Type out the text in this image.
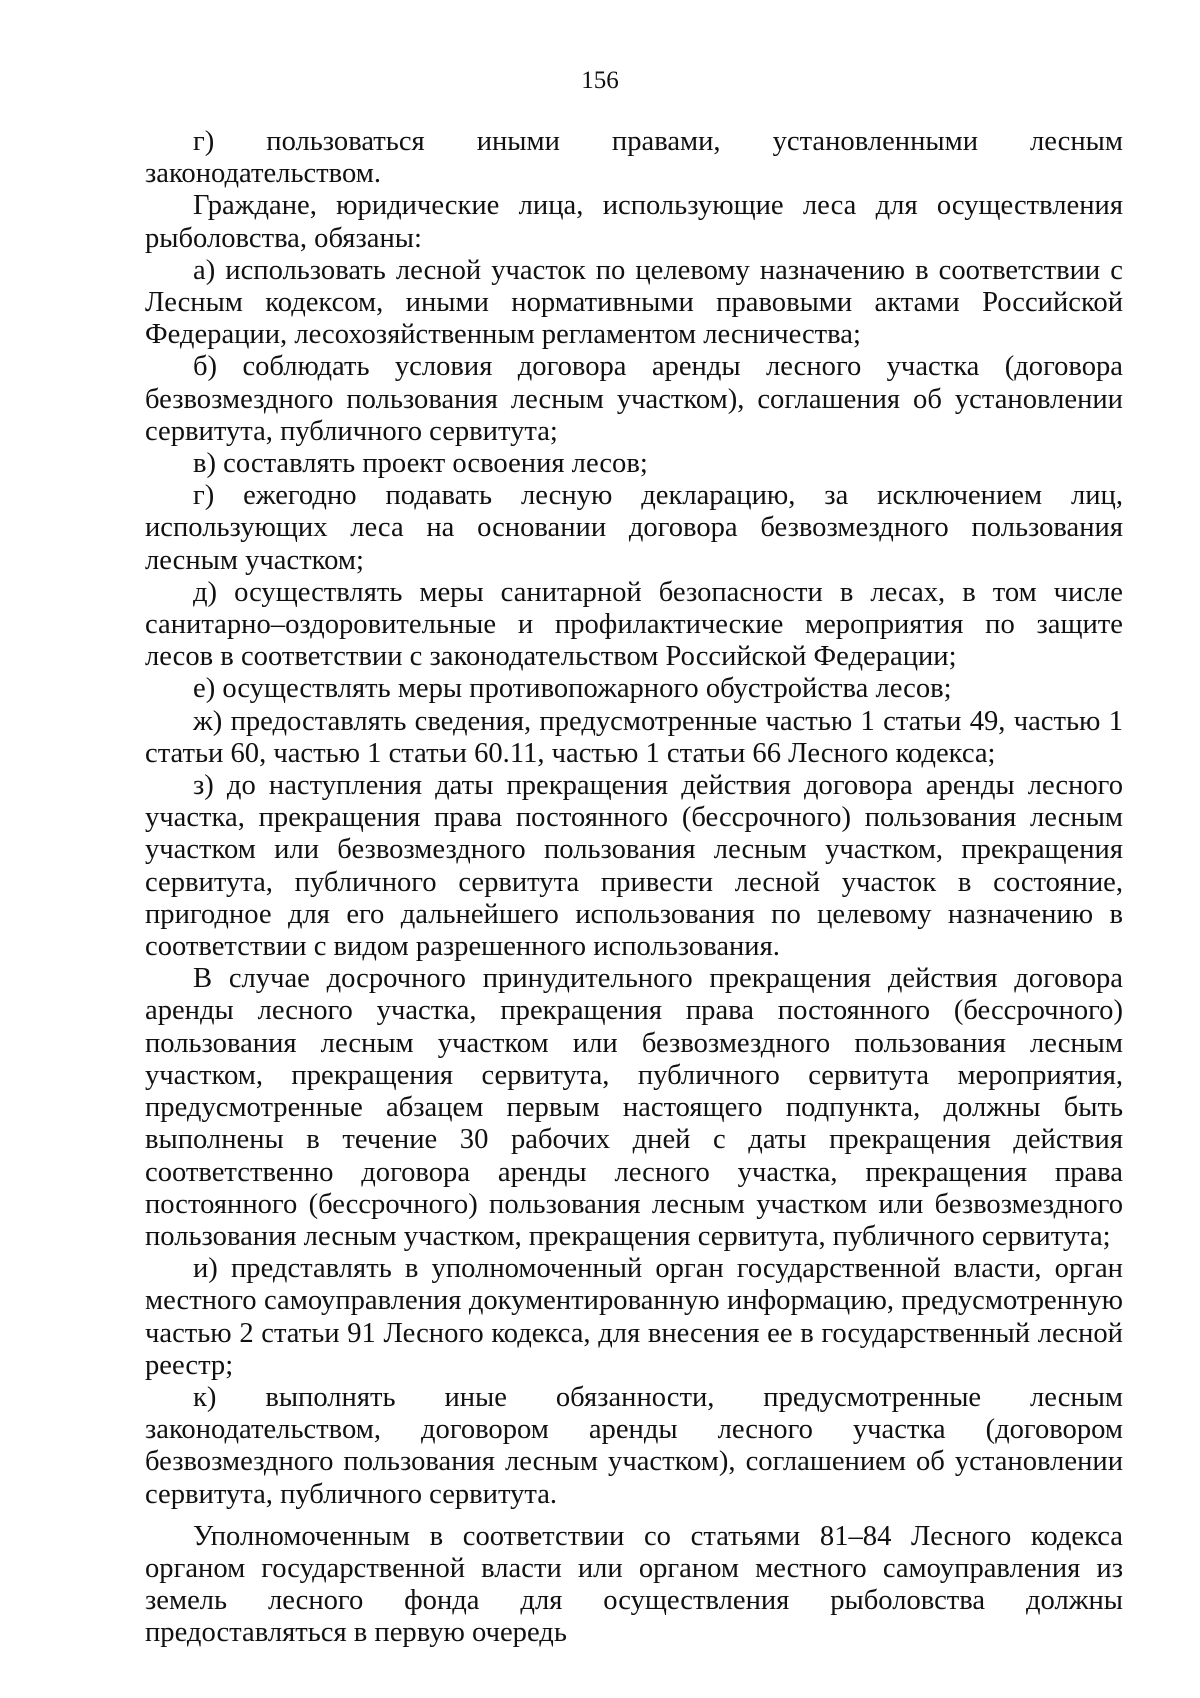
156

г) пользоваться иными правами, установленными лесным законодательством.

Граждане, юридические лица, использующие леса для осуществления рыболовства, обязаны:

а) использовать лесной участок по целевому назначению в соответствии с Лесным кодексом, иными нормативными правовыми актами Российской Федерации, лесохозяйственным регламентом лесничества;

б) соблюдать условия договора аренды лесного участка (договора безвозмездного пользования лесным участком), соглашения об установлении сервитута, публичного сервитута;

в) составлять проект освоения лесов;

г) ежегодно подавать лесную декларацию, за исключением лиц, использующих леса на основании договора безвозмездного пользования лесным участком;

д) осуществлять меры санитарной безопасности в лесах, в том числе санитарно–оздоровительные и профилактические мероприятия по защите лесов в соответствии с законодательством Российской Федерации;

е) осуществлять меры противопожарного обустройства лесов;

ж) предоставлять сведения, предусмотренные частью 1 статьи 49, частью 1 статьи 60, частью 1 статьи 60.11, частью 1 статьи 66 Лесного кодекса;

з) до наступления даты прекращения действия договора аренды лесного участка, прекращения права постоянного (бессрочного) пользования лесным участком или безвозмездного пользования лесным участком, прекращения сервитута, публичного сервитута привести лесной участок в состояние, пригодное для его дальнейшего использования по целевому назначению в соответствии с видом разрешенного использования.

В случае досрочного принудительного прекращения действия договора аренды лесного участка, прекращения права постоянного (бессрочного) пользования лесным участком или безвозмездного пользования лесным участком, прекращения сервитута, публичного сервитута мероприятия, предусмотренные абзацем первым настоящего подпункта, должны быть выполнены в течение 30 рабочих дней с даты прекращения действия соответственно договора аренды лесного участка, прекращения права постоянного (бессрочного) пользования лесным участком или безвозмездного пользования лесным участком, прекращения сервитута, публичного сервитута;

и) представлять в уполномоченный орган государственной власти, орган местного самоуправления документированную информацию, предусмотренную частью 2 статьи 91 Лесного кодекса, для внесения ее в государственный лесной реестр;

к) выполнять иные обязанности, предусмотренные лесным законодательством, договором аренды лесного участка (договором безвозмездного пользования лесным участком), соглашением об установлении сервитута, публичного сервитута.

Уполномоченным в соответствии со статьями 81–84 Лесного кодекса органом государственной власти или органом местного самоуправления из земель лесного фонда для осуществления рыболовства должны предоставляться в первую очередь
